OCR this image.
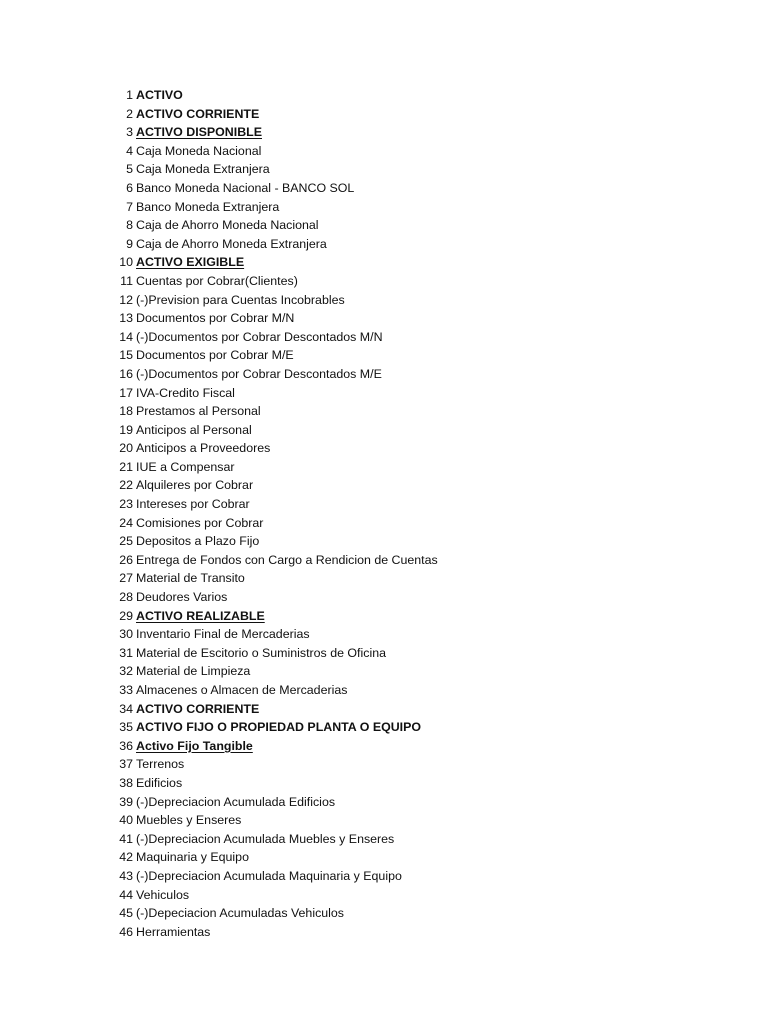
1 ACTIVO
2 ACTIVO CORRIENTE
3 ACTIVO DISPONIBLE
4 Caja Moneda Nacional
5 Caja Moneda Extranjera
6 Banco Moneda Nacional - BANCO SOL
7 Banco Moneda Extranjera
8 Caja de Ahorro Moneda Nacional
9 Caja de Ahorro Moneda Extranjera
10 ACTIVO EXIGIBLE
11 Cuentas por Cobrar(Clientes)
12 (-)Prevision para Cuentas Incobrables
13 Documentos por Cobrar M/N
14 (-)Documentos por Cobrar Descontados M/N
15 Documentos por Cobrar M/E
16 (-)Documentos por Cobrar Descontados M/E
17 IVA-Credito Fiscal
18 Prestamos al Personal
19 Anticipos al Personal
20 Anticipos a Proveedores
21 IUE a Compensar
22 Alquileres por Cobrar
23 Intereses por Cobrar
24 Comisiones por Cobrar
25 Depositos a Plazo Fijo
26 Entrega de Fondos con Cargo a Rendicion de Cuentas
27 Material de Transito
28 Deudores Varios
29 ACTIVO REALIZABLE
30 Inventario Final de Mercaderias
31 Material de Escitorio o Suministros de Oficina
32 Material de Limpieza
33 Almacenes o Almacen de Mercaderias
34 ACTIVO CORRIENTE
35 ACTIVO FIJO O PROPIEDAD PLANTA O EQUIPO
36 Activo Fijo Tangible
37 Terrenos
38 Edificios
39 (-)Depreciacion Acumulada Edificios
40 Muebles y Enseres
41 (-)Depreciacion Acumulada Muebles y Enseres
42 Maquinaria y Equipo
43 (-)Depreciacion Acumulada Maquinaria y Equipo
44 Vehiculos
45 (-)Depeciacion Acumuladas Vehiculos
46 Herramientas
